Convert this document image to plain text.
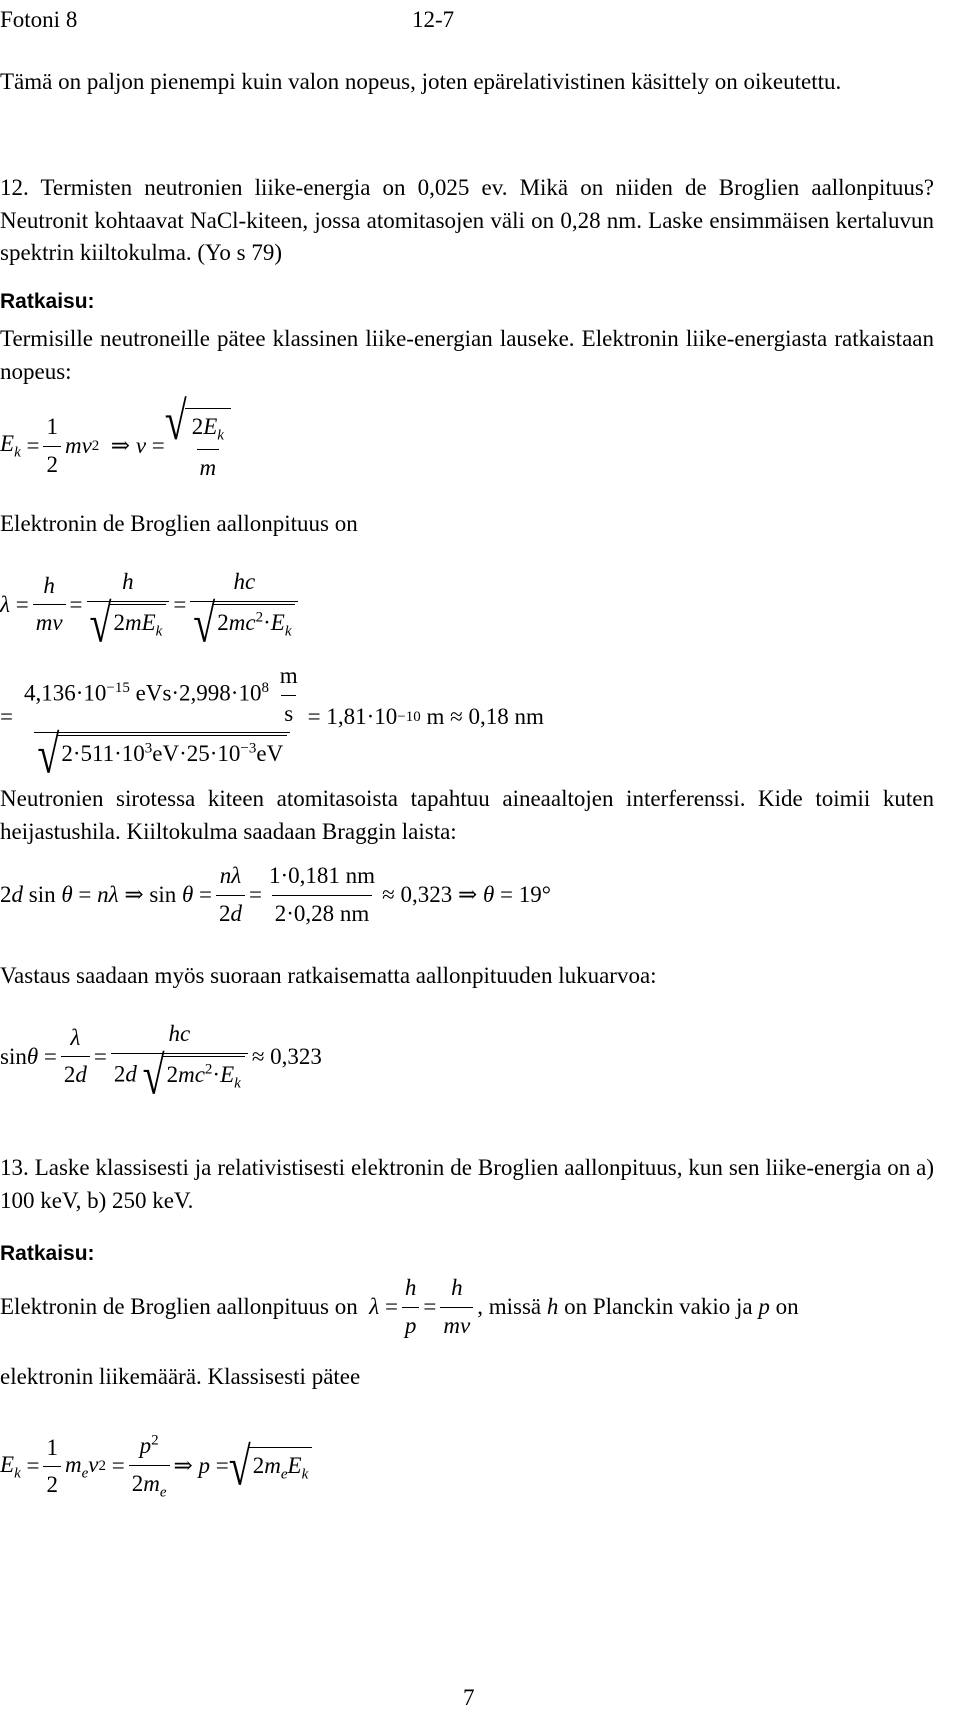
Fotoni 8	12-7
Tämä on paljon pienempi kuin valon nopeus, joten epärelativistinen käsittely on oikeutettu.
12. Termisten neutronien liike-energia on 0,025 ev. Mikä on niiden de Broglien aallonpituus? Neutronit kohtaavat NaCl-kiteen, jossa atomitasojen väli on 0,28 nm. Laske ensimmäisen kertaluvun spektrin kiiltokulma. (Yo s 79)
Ratkaisu:
Termisille neutroneille pätee klassinen liike-energian lauseke. Elektronin liike-energiasta ratkaistaan nopeus:
$E_k = \frac{1}{2}$ mv 2 ⇒ v = √ $\frac{2E_k}{m}$
Elektronin de Broglien aallonpituus on
$\lambda = \frac{h}{mv} = \frac{h}{√ 2mE_k} = \frac{hc}{√ 2mc^2\cdot E_k}$
= $\frac{4,136\cdot 10^{-15} eVs\cdot 2,998\cdot 10^8 \frac{m}{s}}{√ 2\cdot 511\cdot 10^3eV\cdot 25\cdot 10^{-3}eV} = 1,81\cdot 10 -10$
m ≈ 0,18 nm
Neutronien sirotessa kiteen atomitasoista tapahtuu aineaaltojen interferenssi. Kide toimii kuten heijastushila. Kiiltokulma saadaan Braggin laista:
2 d sin θ = nλ ⇒ $\sin \theta = \frac{n\lambda}{2d} = \frac{1\cdot 0,181 nm}{2\cdot 0,28 nm} \approx 0,323$ ⇒
θ
= 19°
Vastaus saadaan myös suoraan ratkaisematta aallonpituuden lukuarvoa:
$\sin \theta = \frac{\lambda}{2d} = \frac{hc}{2d √ 2mc^2\cdot E_k} \approx 0,323$
13. Laske klassisesti ja relativistisesti elektronin de Broglien aallonpituus, kun sen liike-energia on a) 100 keV, b) 250 keV.
Ratkaisu:
Elektronin de Broglien aallonpituus on
$\lambda = \frac{h}{p} = \frac{h}{mv}$ , missä
h
on Planckin vakio ja
p
on
elektronin liikemäärä. Klassisesti pätee
$E_k = \frac{1}{2} m_ev$ $2 = \frac{p^2}{2m_e}$ ⇒ p = √ $2m_eE_k$
7
